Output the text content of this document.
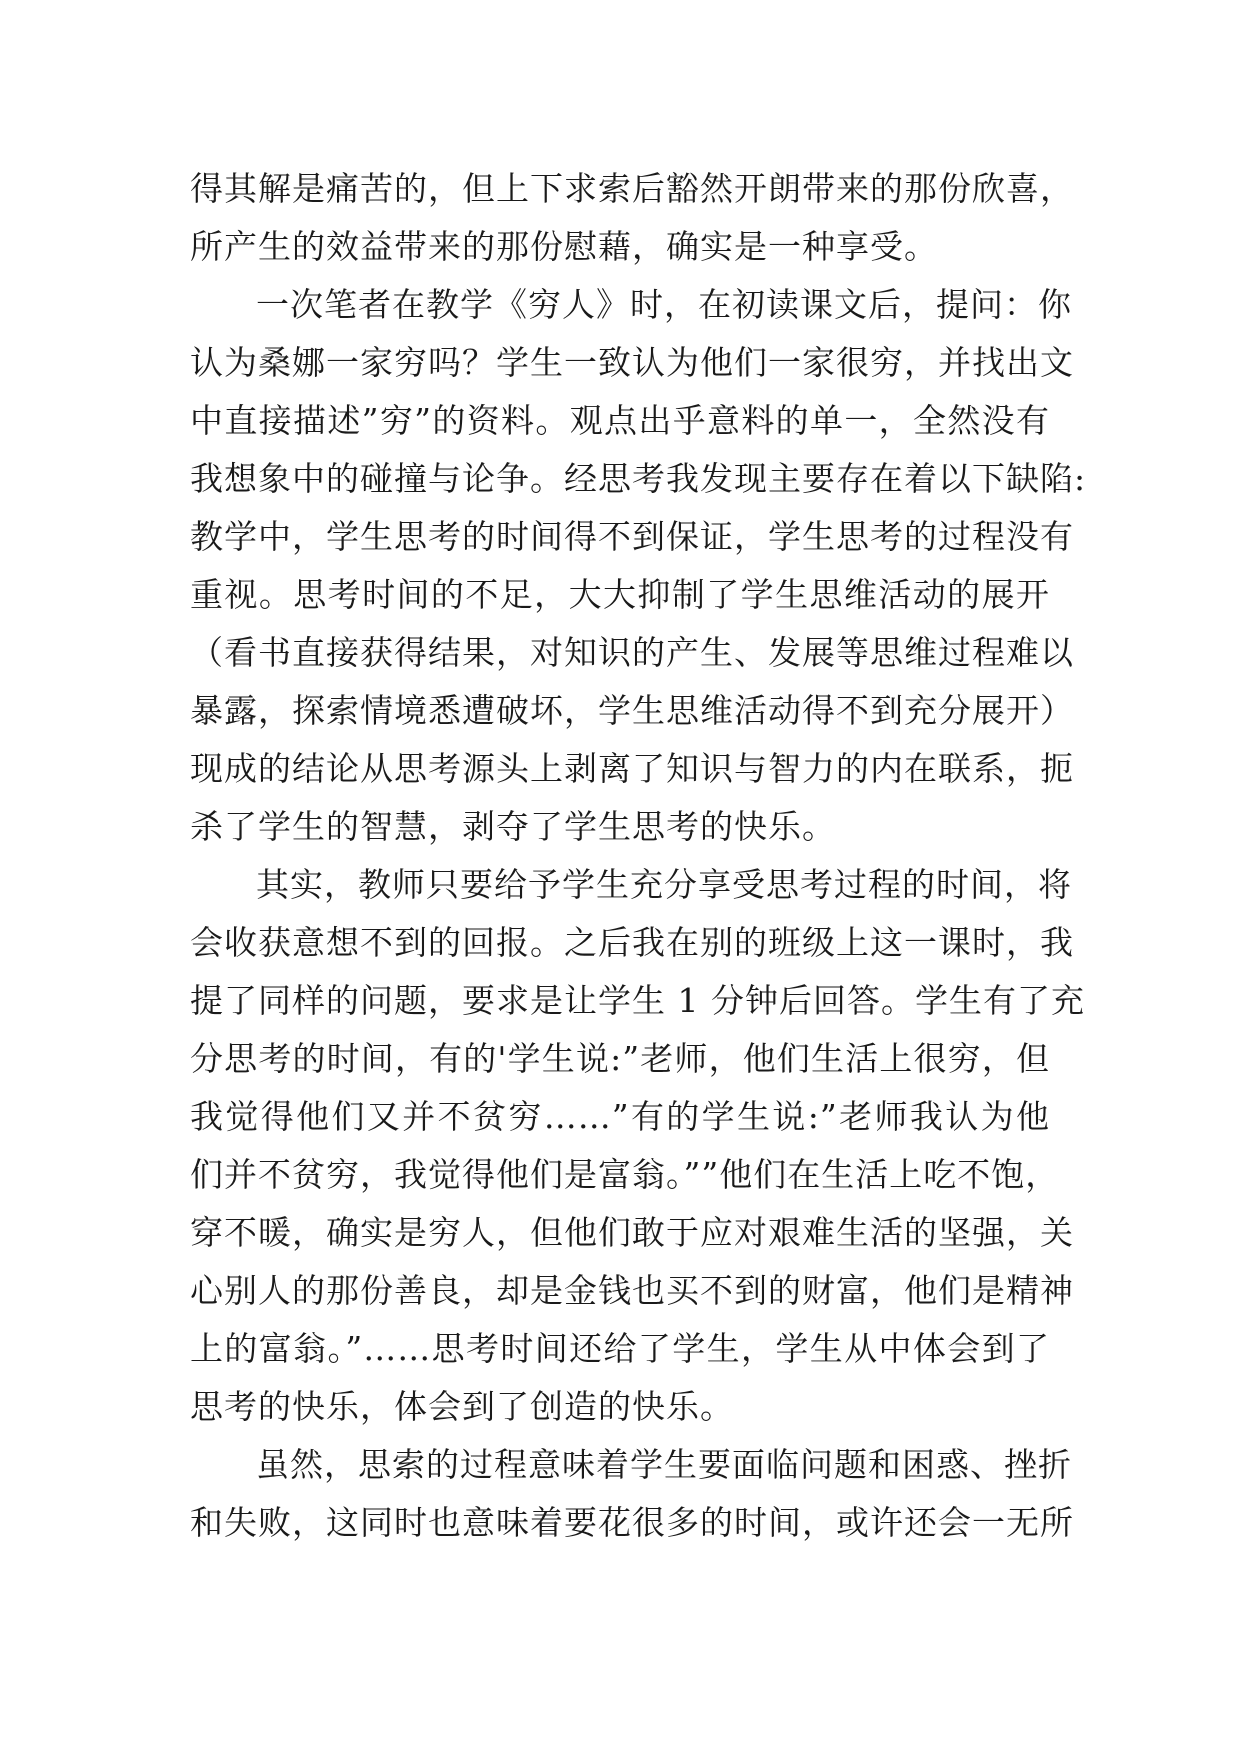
得其解是痛苦的，但上下求索后豁然开朗带来的那份欣喜，
所产生的效益带来的那份慰藉，确实是一种享受。
一次笔者在教学《穷人》时，在初读课文后，提问：你
认为桑娜一家穷吗？学生一致认为他们一家很穷，并找出文
中直接描述”穷”的资料。观点出乎意料的单一，全然没有
我想象中的碰撞与论争。经思考我发现主要存在着以下缺陷:
教学中，学生思考的时间得不到保证，学生思考的过程没有
重视。思考时间的不足，大大抑制了学生思维活动的展开
（看书直接获得结果，对知识的产生、发展等思维过程难以
暴露，探索情境悉遭破坏，学生思维活动得不到充分展开）
现成的结论从思考源头上剥离了知识与智力的内在联系，扼
杀了学生的智慧，剥夺了学生思考的快乐。
其实，教师只要给予学生充分享受思考过程的时间，将
会收获意想不到的回报。之后我在别的班级上这一课时，我
提了同样的问题，要求是让学生 1 分钟后回答。学生有了充
分思考的时间，有的'学生说:”老师，他们生活上很穷，但
我觉得他们又并不贫穷……”有的学生说:”老师我认为他
们并不贫穷，我觉得他们是富翁。””他们在生活上吃不饱，
穿不暖，确实是穷人，但他们敢于应对艰难生活的坚强，关
心别人的那份善良，却是金钱也买不到的财富，他们是精神
上的富翁。”……思考时间还给了学生，学生从中体会到了
思考的快乐，体会到了创造的快乐。
虽然，思索的过程意味着学生要面临问题和困惑、挫折
和失败，这同时也意味着要花很多的时间，或许还会一无所
